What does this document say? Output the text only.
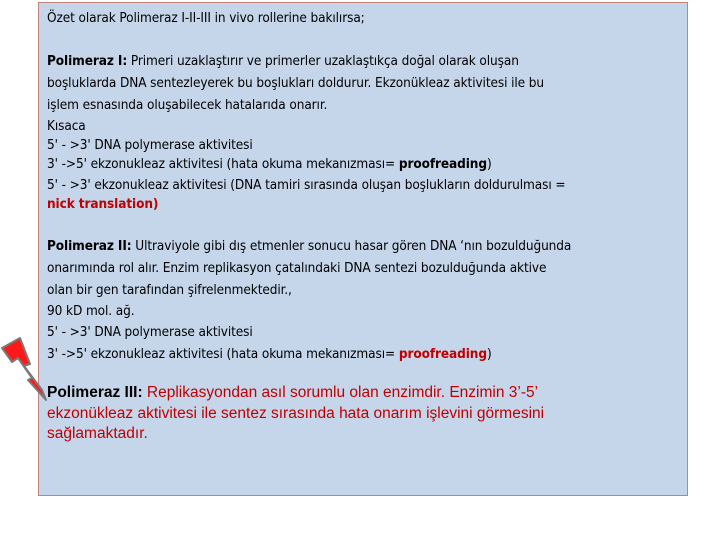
Özet olarak Polimeraz I-II-III in vivo rollerine bakılırsa;

Polimeraz I: Primeri uzaklaştırır ve primerler uzaklaştıkça doğal olarak oluşan

boşluklarda DNA sentezleyerek bu boşlukları doldurur. Ekzonükleaz aktivitesi ile bu

işlem esnasında oluşabilecek hatalarıda onarır.

Kısaca

5' - >3' DNA polymerase aktivitesi

3' ->5' ekzonukleaz aktivitesi (hata okuma mekanızması= proofreading)

5' - >3' ekzonukleaz aktivitesi (DNA tamiri sırasında oluşan boşlukların doldurulması =

nick translation)

Polimeraz II: Ultraviyole gibi dış etmenler sonucu hasar gören DNA ‘nın bozulduğunda

onarımında rol alır. Enzim replikasyon çatalındaki DNA sentezi bozulduğunda aktive

olan bir gen tarafından şifrelenmektedir.,

90 kD mol. ağ.

5' - >3' DNA polymerase aktivitesi

3' ->5' ekzonukleaz aktivitesi (hata okuma mekanızması= proofreading)

Polimeraz III: Replikasyondan asıl sorumlu olan enzimdir. Enzimin 3’-5’
ekzonükleaz aktivitesi ile sentez sırasında hata onarım işlevini görmesini
sağlamaktadır.
